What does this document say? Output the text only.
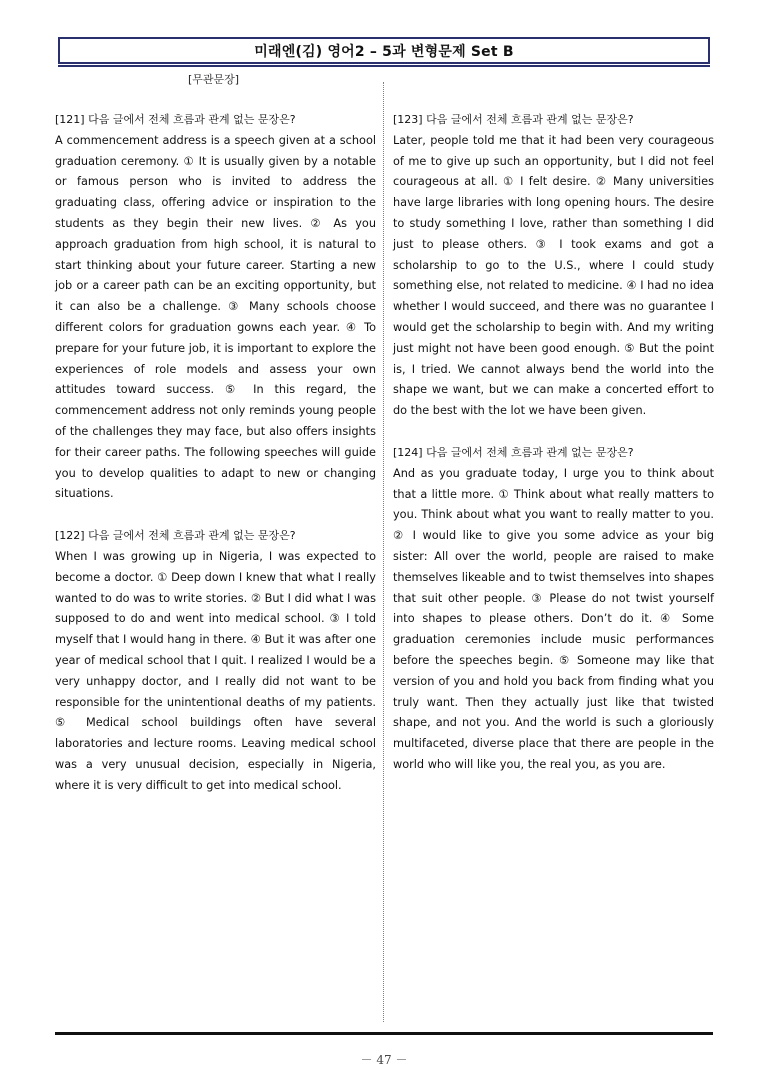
미래엔(김) 영어2 – 5과 변형문제 Set B
[무관문장]
[121] 다음 글에서 전체 흐름과 관계 없는 문장은?

A commencement address is a speech given at a school graduation ceremony. ① It is usually given by a notable or famous person who is invited to address the graduating class, offering advice or inspiration to the students as they begin their new lives. ② As you approach graduation from high school, it is natural to start thinking about your future career. Starting a new job or a career path can be an exciting opportunity, but it can also be a challenge. ③ Many schools choose different colors for graduation gowns each year. ④ To prepare for your future job, it is important to explore the experiences of role models and assess your own attitudes toward success. ⑤ In this regard, the commencement address not only reminds young people of the challenges they may face, but also offers insights for their career paths. The following speeches will guide you to develop qualities to adapt to new or changing situations.

[122] 다음 글에서 전체 흐름과 관계 없는 문장은?

When I was growing up in Nigeria, I was expected to become a doctor. ① Deep down I knew that what I really wanted to do was to write stories. ② But I did what I was supposed to do and went into medical school. ③ I told myself that I would hang in there. ④ But it was after one year of medical school that I quit. I realized I would be a very unhappy doctor, and I really did not want to be responsible for the unintentional deaths of my patients. ⑤ Medical school buildings often have several laboratories and lecture rooms. Leaving medical school was a very unusual decision, especially in Nigeria, where it is very difficult to get into medical school.

[123] 다음 글에서 전체 흐름과 관계 없는 문장은?

Later, people told me that it had been very courageous of me to give up such an opportunity, but I did not feel courageous at all. ① I felt desire. ② Many universities have large libraries with long opening hours. The desire to study something I love, rather than something I did just to please others. ③ I took exams and got a scholarship to go to the U.S., where I could study something else, not related to medicine. ④ I had no idea whether I would succeed, and there was no guarantee I would get the scholarship to begin with. And my writing just might not have been good enough. ⑤ But the point is, I tried. We cannot always bend the world into the shape we want, but we can make a concerted effort to do the best with the lot we have been given.

[124] 다음 글에서 전체 흐름과 관계 없는 문장은?

And as you graduate today, I urge you to think about that a little more. ① Think about what really matters to you. Think about what you want to really matter to you. ② I would like to give you some advice as your big sister: All over the world, people are raised to make themselves likeable and to twist themselves into shapes that suit other people. ③ Please do not twist yourself into shapes to please others. Don’t do it. ④ Some graduation ceremonies include music performances before the speeches begin. ⑤ Someone may like that version of you and hold you back from finding what you truly want. Then they actually just like that twisted shape, and not you. And the world is such a gloriously multifaceted, diverse place that there are people in the world who will like you, the real you, as you are.

－ 47 －
